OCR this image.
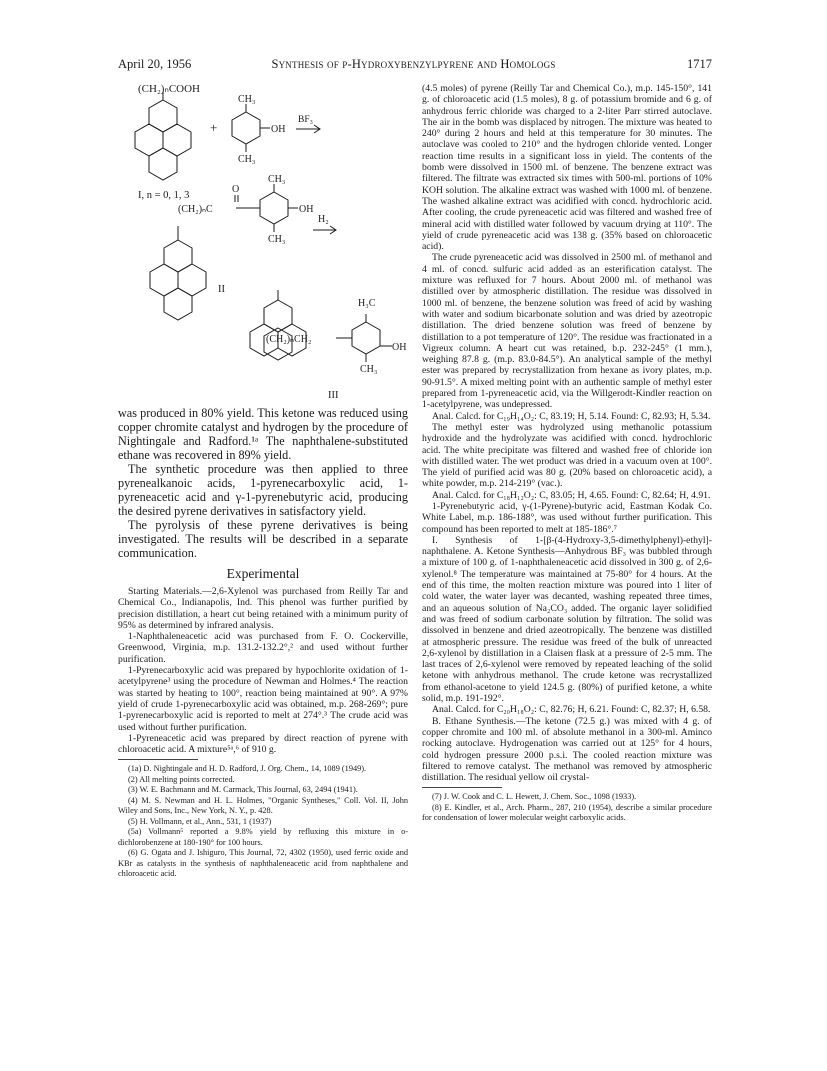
April 20, 1956	Synthesis of p-Hydroxybenzylpyrene and Homologs	1717
(CH₂)ₙCOOH
I, n = 0, 1, 3
+
CH₃
CH₃
OH
BF₃
O
(CH₂)ₙC
CH₃
CH₃
OH
H₂
II
H₃C
(CH₂)ₙCH₂
OH
CH₃
III

was produced in 80% yield. This ketone was reduced using copper chromite catalyst and hydrogen by the procedure of Nightingale and Radford.¹ᵃ The naphthalene-substituted ethane was recovered in 89% yield.

The synthetic procedure was then applied to three pyrenealkanoic acids, 1-pyrenecarboxylic acid, 1-pyreneacetic acid and γ-1-pyrenebutyric acid, producing the desired pyrene derivatives in satisfactory yield.

The pyrolysis of these pyrene derivatives is being investigated. The results will be described in a separate communication.

Experimental

Starting Materials.—2,6-Xylenol was purchased from Reilly Tar and Chemical Co., Indianapolis, Ind. This phenol was further purified by precision distillation, a heart cut being retained with a minimum purity of 95% as determined by infrared analysis.

1-Naphthaleneacetic acid was purchased from F. O. Cockerville, Greenwood, Virginia, m.p. 131.2-132.2°,² and used without further purification.

1-Pyrenecarboxylic acid was prepared by hypochlorite oxidation of 1-acetylpyrene³ using the procedure of Newman and Holmes.⁴ The reaction was started by heating to 100°, reaction being maintained at 90°. A 97% yield of crude 1-pyrenecarboxylic acid was obtained, m.p. 268-269°; pure 1-pyrenecarboxylic acid is reported to melt at 274°.³ The crude acid was used without further purification.

1-Pyreneacetic acid was prepared by direct reaction of pyrene with chloroacetic acid. A mixture⁵ᵃ,⁶ of 910 g.

(1a) D. Nightingale and H. D. Radford, J. Org. Chem., 14, 1089 (1949).

(2) All melting points corrected.

(3) W. E. Bachmann and M. Carmack, This Journal, 63, 2494 (1941).

(4) M. S. Newman and H. L. Holmes, "Organic Syntheses," Coll. Vol. II, John Wiley and Sons, Inc., New York, N. Y., p. 428.

(5) H. Vollmann, et al., Ann., 531, 1 (1937)

(5a) Vollmann⁵ reported a 9.8% yield by refluxing this mixture in o-dichlorobenzene at 180-190° for 100 hours.

(6) G. Ogata and J. Ishiguro, This Journal, 72, 4302 (1950), used ferric oxide and KBr as catalysts in the synthesis of naphthaleneacetic acid from naphthalene and chloroacetic acid.

(4.5 moles) of pyrene (Reilly Tar and Chemical Co.), m.p. 145-150°, 141 g. of chloroacetic acid (1.5 moles), 8 g. of potassium bromide and 6 g. of anhydrous ferric chloride was charged to a 2-liter Parr stirred autoclave. The air in the bomb was displaced by nitrogen. The mixture was heated to 240° during 2 hours and held at this temperature for 30 minutes. The autoclave was cooled to 210° and the hydrogen chloride vented. Longer reaction time results in a significant loss in yield. The contents of the bomb were dissolved in 1500 ml. of benzene. The benzene extract was filtered. The filtrate was extracted six times with 500-ml. portions of 10% KOH solution. The alkaline extract was washed with 1000 ml. of benzene. The washed alkaline extract was acidified with concd. hydrochloric acid. After cooling, the crude pyreneacetic acid was filtered and washed free of mineral acid with distilled water followed by vacuum drying at 110°. The yield of crude pyreneacetic acid was 138 g. (35% based on chloroacetic acid).

The crude pyreneacetic acid was dissolved in 2500 ml. of methanol and 4 ml. of concd. sulfuric acid added as an esterification catalyst. The mixture was refluxed for 7 hours. About 2000 ml. of methanol was distilled over by atmospheric distillation. The residue was dissolved in 1000 ml. of benzene, the benzene solution was freed of acid by washing with water and sodium bicarbonate solution and was dried by azeotropic distillation. The dried benzene solution was freed of benzene by distillation to a pot temperature of 120°. The residue was fractionated in a Vigreux column. A heart cut was retained, b.p. 232-245° (1 mm.), weighing 87.8 g. (m.p. 83.0-84.5°). An analytical sample of the methyl ester was prepared by recrystallization from hexane as ivory plates, m.p. 90-91.5°. A mixed melting point with an authentic sample of methyl ester prepared from 1-pyreneacetic acid, via the Willgerodt-Kindler reaction on 1-acetylpyrene, was undepressed.

Anal. Calcd. for C₁₉H₁₄O₂: C, 83.19; H, 5.14. Found: C, 82.93; H, 5.34.

The methyl ester was hydrolyzed using methanolic potassium hydroxide and the hydrolyzate was acidified with concd. hydrochloric acid. The white precipitate was filtered and washed free of chloride ion with distilled water. The wet product was dried in a vacuum oven at 100°. The yield of purified acid was 80 g. (20% based on chloroacetic acid), a white powder, m.p. 214-219° (vac.).

Anal. Calcd. for C₁₈H₁₂O₂: C, 83.05; H, 4.65. Found: C, 82.64; H, 4.91.

1-Pyrenebutyric acid, γ-(1-Pyrene)-butyric acid, Eastman Kodak Co. White Label, m.p. 186-188°, was used without further purification. This compound has been reported to melt at 185-186°.⁷

I. Synthesis of 1-[β-(4-Hydroxy-3,5-dimethylphenyl)-ethyl]-naphthalene. A. Ketone Synthesis—Anhydrous BF₃ was bubbled through a mixture of 100 g. of 1-naphthaleneacetic acid dissolved in 300 g. of 2,6-xylenol.⁸ The temperature was maintained at 75-80° for 4 hours. At the end of this time, the molten reaction mixture was poured into 1 liter of cold water, the water layer was decanted, washing repeated three times, and an aqueous solution of Na₂CO₃ added. The organic layer solidified and was freed of sodium carbonate solution by filtration. The solid was dissolved in benzene and dried azeotropically. The benzene was distilled at atmospheric pressure. The residue was freed of the bulk of unreacted 2,6-xylenol by distillation in a Claisen flask at a pressure of 2-5 mm. The last traces of 2,6-xylenol were removed by repeated leaching of the solid ketone with anhydrous methanol. The crude ketone was recrystallized from ethanol-acetone to yield 124.5 g. (80%) of purified ketone, a white solid, m.p. 191-192°.

Anal. Calcd. for C₂₀H₁₈O₂: C, 82.76; H, 6.21. Found: C, 82.37; H, 6.58.

B. Ethane Synthesis.—The ketone (72.5 g.) was mixed with 4 g. of copper chromite and 100 ml. of absolute methanol in a 300-ml. Aminco rocking autoclave. Hydrogenation was carried out at 125° for 4 hours, cold hydrogen pressure 2000 p.s.i. The cooled reaction mixture was filtered to remove catalyst. The methanol was removed by atmospheric distillation. The residual yellow oil crystal-

(7) J. W. Cook and C. L. Hewett, J. Chem. Soc., 1098 (1933).

(8) E. Kindler, et al., Arch. Pharm., 287, 210 (1954), describe a similar procedure for condensation of lower molecular weight carboxylic acids.
